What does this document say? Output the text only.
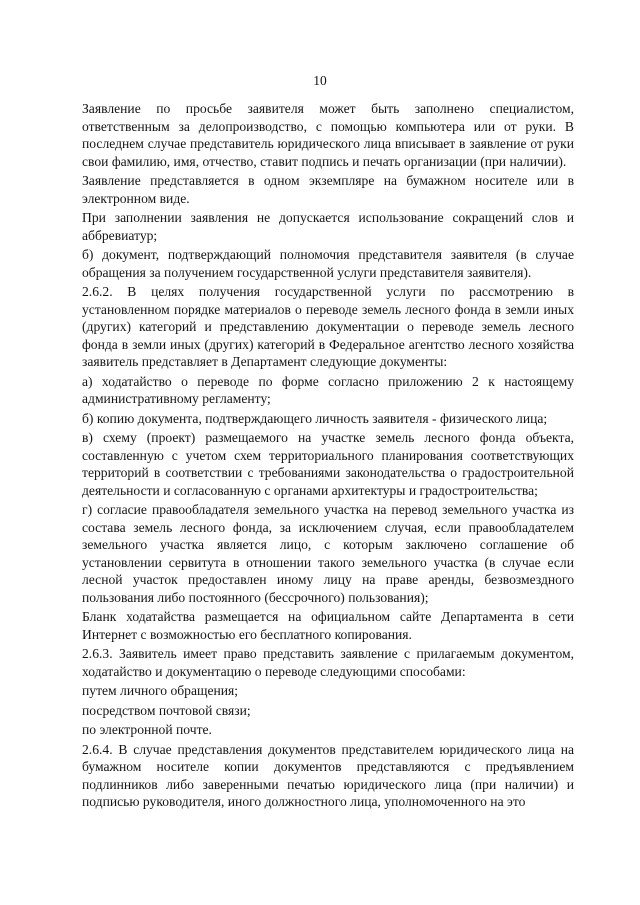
10

Заявление по просьбе заявителя может быть заполнено специалистом, ответственным за делопроизводство, с помощью компьютера или от руки. В последнем случае представитель юридического лица вписывает в заявление от руки свои фамилию, имя, отчество, ставит подпись и печать организации (при наличии).

Заявление представляется в одном экземпляре на бумажном носителе или в электронном виде.

При заполнении заявления не допускается использование сокращений слов и аббревиатур;

б) документ, подтверждающий полномочия представителя заявителя (в случае обращения за получением государственной услуги представителя заявителя).

2.6.2. В целях получения государственной услуги по рассмотрению в установленном порядке материалов о переводе земель лесного фонда в земли иных (других) категорий и представлению документации о переводе земель лесного фонда в земли иных (других) категорий в Федеральное агентство лесного хозяйства заявитель представляет в Департамент следующие документы:

а) ходатайство о переводе по форме согласно приложению 2 к настоящему административному регламенту;

б) копию документа, подтверждающего личность заявителя - физического лица;

в) схему (проект) размещаемого на участке земель лесного фонда объекта, составленную с учетом схем территориального планирования соответствующих территорий в соответствии с требованиями законодательства о градостроительной деятельности и согласованную с органами архитектуры и градостроительства;

г) согласие правообладателя земельного участка на перевод земельного участка из состава земель лесного фонда, за исключением случая, если правообладателем земельного участка является лицо, с которым заключено соглашение об установлении сервитута в отношении такого земельного участка (в случае если лесной участок предоставлен иному лицу на праве аренды, безвозмездного пользования либо постоянного (бессрочного) пользования);

Бланк ходатайства размещается на официальном сайте Департамента в сети Интернет с возможностью его бесплатного копирования.

2.6.3. Заявитель имеет право представить заявление с прилагаемым документом, ходатайство и документацию о переводе следующими способами:

путем личного обращения;

посредством почтовой связи;

по электронной почте.

2.6.4. В случае представления документов представителем юридического лица на бумажном носителе копии документов представляются с предъявлением подлинников либо заверенными печатью юридического лица (при наличии) и подписью руководителя, иного должностного лица, уполномоченного на это
